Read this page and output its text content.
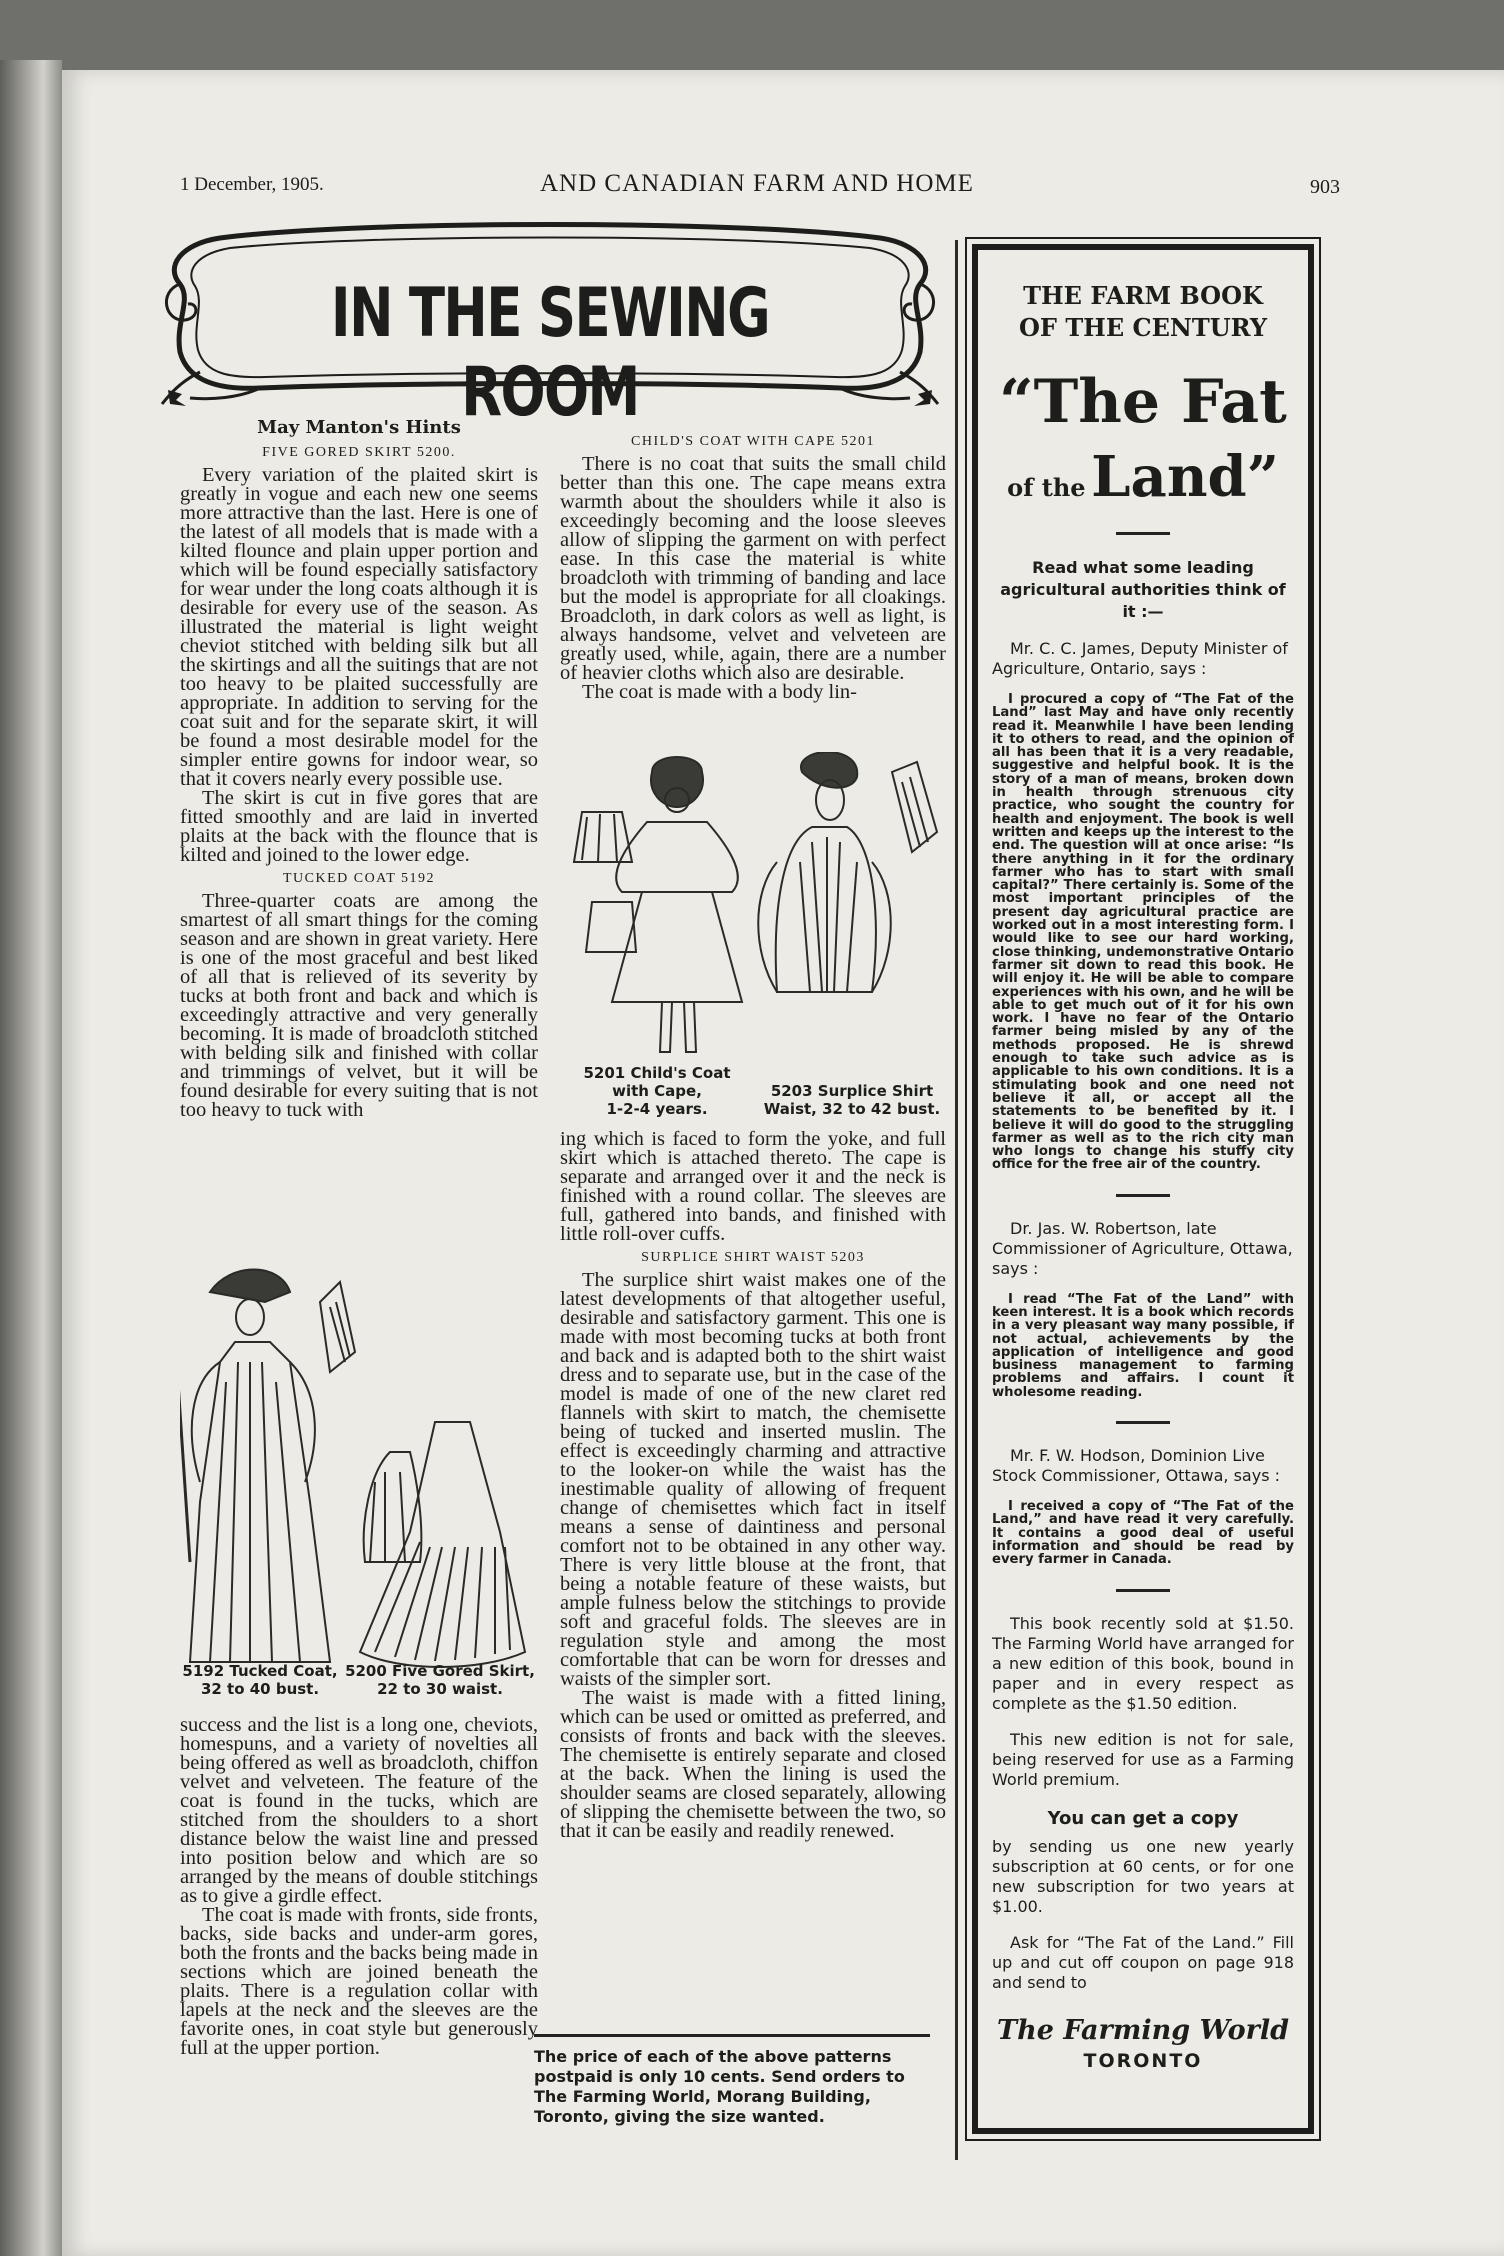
1 December, 1905.	AND CANADIAN FARM AND HOME	903
IN THE SEWING ROOM
May Manton's Hints
FIVE GORED SKIRT 5200.

Every variation of the plaited skirt is greatly in vogue and each new one seems more attractive than the last. Here is one of the latest of all models that is made with a kilted flounce and plain upper portion and which will be found especially satisfactory for wear under the long coats although it is desirable for every use of the season. As illustrated the material is light weight cheviot stitched with belding silk but all the skirtings and all the suitings that are not too heavy to be plaited successfully are appropriate. In addition to serving for the coat suit and for the separate skirt, it will be found a most desirable model for the simpler entire gowns for indoor wear, so that it covers nearly every possible use.

The skirt is cut in five gores that are fitted smoothly and are laid in inverted plaits at the back with the flounce that is kilted and joined to the lower edge.

TUCKED COAT 5192

Three-quarter coats are among the smartest of all smart things for the coming season and are shown in great variety. Here is one of the most graceful and best liked of all that is relieved of its severity by tucks at both front and back and which is exceedingly attractive and very generally becoming. It is made of broadcloth stitched with belding silk and finished with collar and trimmings of velvet, but it will be found desirable for every suiting that is not too heavy to tuck with

5192 Tucked Coat,
32 to 40 bust.
5200 Five Gored Skirt,
22 to 30 waist.

success and the list is a long one, cheviots, homespuns, and a variety of novelties all being offered as well as broadcloth, chiffon velvet and velveteen. The feature of the coat is found in the tucks, which are stitched from the shoulders to a short distance below the waist line and pressed into position below and which are so arranged by the means of double stitchings as to give a girdle effect.

The coat is made with fronts, side fronts, backs, side backs and under-arm gores, both the fronts and the backs being made in sections which are joined beneath the plaits. There is a regulation collar with lapels at the neck and the sleeves are the favorite ones, in coat style but generously full at the upper portion.

CHILD'S COAT WITH CAPE 5201

There is no coat that suits the small child better than this one. The cape means extra warmth about the shoulders while it also is exceedingly becoming and the loose sleeves allow of slipping the garment on with perfect ease. In this case the material is white broadcloth with trimming of banding and lace but the model is appropriate for all cloakings. Broadcloth, in dark colors as well as light, is always handsome, velvet and velveteen are greatly used, while, again, there are a number of heavier cloths which also are desirable.

The coat is made with a body lin-

5201 Child's Coat
with Cape,
1-2-4 years.
5203 Surplice Shirt
Waist, 32 to 42 bust.

ing which is faced to form the yoke, and full skirt which is attached thereto. The cape is separate and arranged over it and the neck is finished with a round collar. The sleeves are full, gathered into bands, and finished with little roll-over cuffs.

SURPLICE SHIRT WAIST 5203

The surplice shirt waist makes one of the latest developments of that altogether useful, desirable and satisfactory garment. This one is made with most becoming tucks at both front and back and is adapted both to the shirt waist dress and to separate use, but in the case of the model is made of one of the new claret red flannels with skirt to match, the chemisette being of tucked and inserted muslin. The effect is exceedingly charming and attractive to the looker-on while the waist has the inestimable quality of allowing of frequent change of chemisettes which fact in itself means a sense of daintiness and personal comfort not to be obtained in any other way. There is very little blouse at the front, that being a notable feature of these waists, but ample fulness below the stitchings to provide soft and graceful folds. The sleeves are in regulation style and among the most comfortable that can be worn for dresses and waists of the simpler sort.

The waist is made with a fitted lining, which can be used or omitted as preferred, and consists of fronts and back with the sleeves. The chemisette is entirely separate and closed at the back. When the lining is used the shoulder seams are closed separately, allowing of slipping the chemisette between the two, so that it can be easily and readily renewed.

The price of each of the above patterns postpaid is only 10 cents. Send orders to The Farming World, Morang Building, Toronto, giving the size wanted.
THE FARM BOOK
OF THE CENTURY
“The Fat
of the Land”
Read what some leading agricultural authorities think of it :—
Mr. C. C. James, Deputy Minister of Agriculture, Ontario, says :
I procured a copy of “The Fat of the Land” last May and have only recently read it. Meanwhile I have been lending it to others to read, and the opinion of all has been that it is a very readable, suggestive and helpful book. It is the story of a man of means, broken down in health through strenuous city practice, who sought the country for health and enjoyment. The book is well written and keeps up the interest to the end. The question will at once arise: “Is there anything in it for the ordinary farmer who has to start with small capital?” There certainly is. Some of the most important principles of the present day agricultural practice are worked out in a most interesting form. I would like to see our hard working, close thinking, undemonstrative Ontario farmer sit down to read this book. He will enjoy it. He will be able to compare experiences with his own, and he will be able to get much out of it for his own work. I have no fear of the Ontario farmer being misled by any of the methods proposed. He is shrewd enough to take such advice as is applicable to his own conditions. It is a stimulating book and one need not believe it all, or accept all the statements to be benefited by it. I believe it will do good to the struggling farmer as well as to the rich city man who longs to change his stuffy city office for the free air of the country.
Dr. Jas. W. Robertson, late Commissioner of Agriculture, Ottawa, says :
I read “The Fat of the Land” with keen interest. It is a book which records in a very pleasant way many possible, if not actual, achievements by the application of intelligence and good business management to farming problems and affairs. I count it wholesome reading.
Mr. F. W. Hodson, Dominion Live Stock Commissioner, Ottawa, says :
I received a copy of “The Fat of the Land,” and have read it very carefully. It contains a good deal of useful information and should be read by every farmer in Canada.
This book recently sold at $1.50. The Farming World have arranged for a new edition of this book, bound in paper and in every respect as complete as the $1.50 edition.
This new edition is not for sale, being reserved for use as a Farming World premium.
You can get a copy
by sending us one new yearly subscription at 60 cents, or for one new subscription for two years at $1.00.
Ask for “The Fat of the Land.” Fill up and cut off coupon on page 918 and send to
The Farming World
TORONTO
